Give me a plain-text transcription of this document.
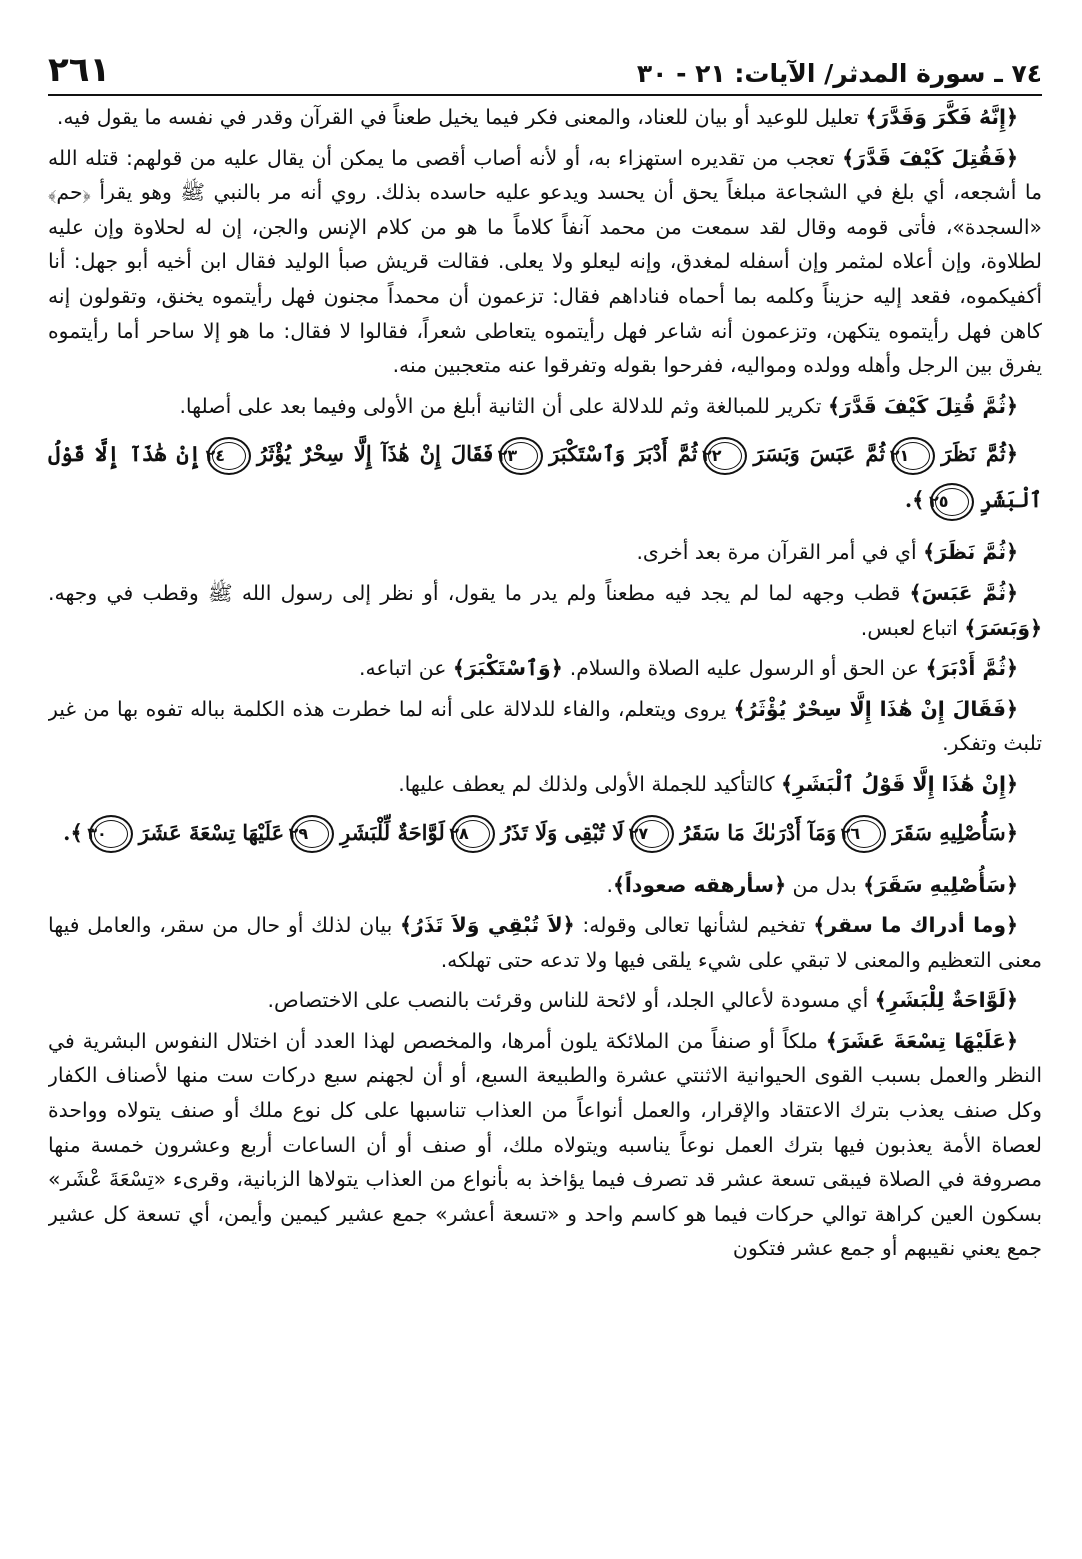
٢٦١	٧٤ ـ سورة المدثر/ الآيات: ٢١ - ٣٠

﴿إِنَّهُ فَكَّرَ وَقَدَّرَ﴾ تعليل للوعيد أو بيان للعناد، والمعنى فكر فيما يخيل طعناً في القرآن وقدر في نفسه ما يقول فيه.

﴿فَقُتِلَ كَيْفَ قَدَّرَ﴾ تعجب من تقديره استهزاء به، أو لأنه أصاب أقصى ما يمكن أن يقال عليه من قولهم: قتله الله ما أشجعه، أي بلغ في الشجاعة مبلغاً يحق أن يحسد ويدعو عليه حاسده بذلك. روي أنه مر بالنبي ﷺ وهو يقرأ ﴿حم﴾ «السجدة»، فأتى قومه وقال لقد سمعت من محمد آنفاً كلاماً ما هو من كلام الإنس والجن، إن له لحلاوة وإن عليه لطلاوة، وإن أعلاه لمثمر وإن أسفله لمغدق، وإنه ليعلو ولا يعلى. فقالت قريش صبأ الوليد فقال ابن أخيه أبو جهل: أنا أكفيكموه، فقعد إليه حزيناً وكلمه بما أحماه فناداهم فقال: تزعمون أن محمداً مجنون فهل رأيتموه يخنق، وتقولون إنه كاهن فهل رأيتموه يتكهن، وتزعمون أنه شاعر فهل رأيتموه يتعاطى شعراً، فقالوا لا فقال: ما هو إلا ساحر أما رأيتموه يفرق بين الرجل وأهله وولده ومواليه، ففرحوا بقوله وتفرقوا عنه متعجبين منه.

﴿ثُمَّ قُتِلَ كَيْفَ قَدَّرَ﴾ تكرير للمبالغة وثم للدلالة على أن الثانية أبلغ من الأولى وفيما بعد على أصلها.

﴿ثُمَّ نَظَرَ٢١ثُمَّ عَبَسَ وَبَسَرَ٢٢ثُمَّ أَدْبَرَ وَٱسْتَكْبَرَ٢٣فَقَالَ إِنْ هَٰذَآ إِلَّا سِحْرٌ يُؤْثَرُ٢٤إِنْ هَٰذَآ إِلَّا قَوْلُ ٱلْبَشَرِ٢٥﴾.

﴿ثُمَّ نَظَرَ﴾ أي في أمر القرآن مرة بعد أخرى.

﴿ثُمَّ عَبَسَ﴾ قطب وجهه لما لم يجد فيه مطعناً ولم يدر ما يقول، أو نظر إلى رسول الله ﷺ وقطب في وجهه. ﴿وَبَسَرَ﴾ اتباع لعبس.

﴿ثُمَّ أَدْبَرَ﴾ عن الحق أو الرسول عليه الصلاة والسلام. ﴿وَٱسْتَكْبَرَ﴾ عن اتباعه.

﴿فَقَالَ إِنْ هَٰذَا إِلَّا سِحْرٌ يُؤْثَرُ﴾ يروى ويتعلم، والفاء للدلالة على أنه لما خطرت هذه الكلمة بباله تفوه بها من غير تلبث وتفكر.

﴿إِنْ هَٰذَا إِلَّا قَوْلُ ٱلْبَشَرِ﴾ كالتأكيد للجملة الأولى ولذلك لم يعطف عليها.

﴿سَأُصْلِيهِ سَقَرَ٢٦وَمَآ أَدْرَىٰكَ مَا سَقَرُ٢٧لَا تُبْقِى وَلَا تَذَرُ٢٨لَوَّاحَةٌ لِّلْبَشَرِ٢٩عَلَيْهَا تِسْعَةَ عَشَرَ٣٠﴾.

﴿سَأُصْلِيهِ سَقَرَ﴾ بدل من ﴿سأرهقه صعوداً﴾.

﴿وما أدراك ما سقر﴾ تفخيم لشأنها تعالى وقوله: ﴿لاَ تُبْقِي وَلاَ تَذَرُ﴾ بيان لذلك أو حال من سقر، والعامل فيها معنى التعظيم والمعنى لا تبقي على شيء يلقى فيها ولا تدعه حتى تهلكه.

﴿لَوَّاحَةٌ لِلْبَشَرِ﴾ أي مسودة لأعالي الجلد، أو لائحة للناس وقرئت بالنصب على الاختصاص.

﴿عَلَيْهَا تِسْعَةَ عَشَرَ﴾ ملكاً أو صنفاً من الملائكة يلون أمرها، والمخصص لهذا العدد أن اختلال النفوس البشرية في النظر والعمل بسبب القوى الحيوانية الاثنتي عشرة والطبيعة السبع، أو أن لجهنم سبع دركات ست منها لأصناف الكفار وكل صنف يعذب بترك الاعتقاد والإقرار، والعمل أنواعاً من العذاب تناسبها على كل نوع ملك أو صنف يتولاه وواحدة لعصاة الأمة يعذبون فيها بترك العمل نوعاً يناسبه ويتولاه ملك، أو صنف أو أن الساعات أربع وعشرون خمسة منها مصروفة في الصلاة فيبقى تسعة عشر قد تصرف فيما يؤاخذ به بأنواع من العذاب يتولاها الزبانية، وقرىء «تِسْعَةَ عْشَر» بسكون العين كراهة توالي حركات فيما هو كاسم واحد و «تسعة أعشر» جمع عشير كيمين وأيمن، أي تسعة كل عشير جمع يعني نقيبهم أو جمع عشر فتكون
